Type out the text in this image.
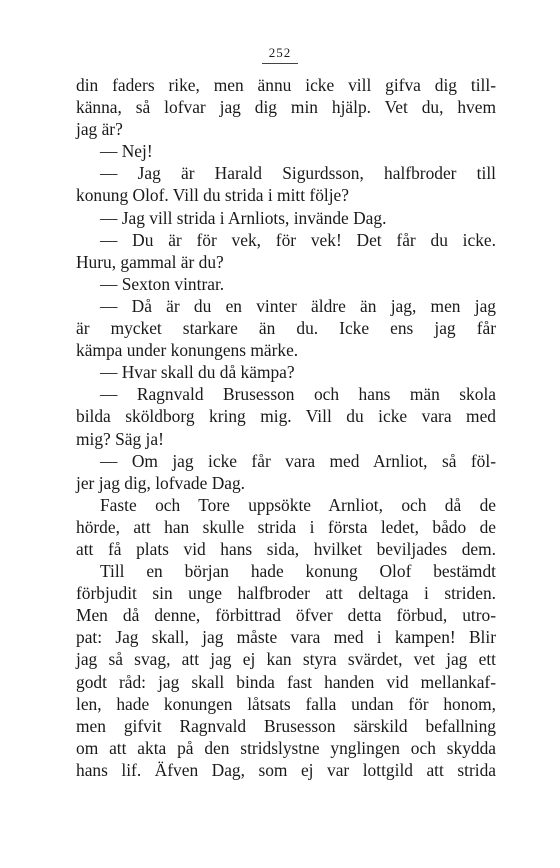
252
din faders rike, men ännu icke vill gifva dig till-
känna, så lofvar jag dig min hjälp. Vet du, hvem
jag är?
— Nej!
— Jag är Harald Sigurdsson, halfbroder till
konung Olof. Vill du strida i mitt följe?
— Jag vill strida i Arnliots, invände Dag.
— Du är för vek, för vek! Det får du icke.
Huru, gammal är du?
— Sexton vintrar.
— Då är du en vinter äldre än jag, men jag
är mycket starkare än du. Icke ens jag får
kämpa under konungens märke.
— Hvar skall du då kämpa?
— Ragnvald Brusesson och hans män skola
bilda sköldborg kring mig. Vill du icke vara med
mig? Säg ja!
— Om jag icke får vara med Arnliot, så föl-
jer jag dig, lofvade Dag.
Faste och Tore uppsökte Arnliot, och då de
hörde, att han skulle strida i första ledet, bådo de
att få plats vid hans sida, hvilket beviljades dem.
Till en början hade konung Olof bestämdt
förbjudit sin unge halfbroder att deltaga i striden.
Men då denne, förbittrad öfver detta förbud, utro-
pat: Jag skall, jag måste vara med i kampen! Blir
jag så svag, att jag ej kan styra svärdet, vet jag ett
godt råd: jag skall binda fast handen vid mellankaf-
len, hade konungen låtsats falla undan för honom,
men gifvit Ragnvald Brusesson särskild befallning
om att akta på den stridslystne ynglingen och skydda
hans lif. Äfven Dag, som ej var lottgild att strida
